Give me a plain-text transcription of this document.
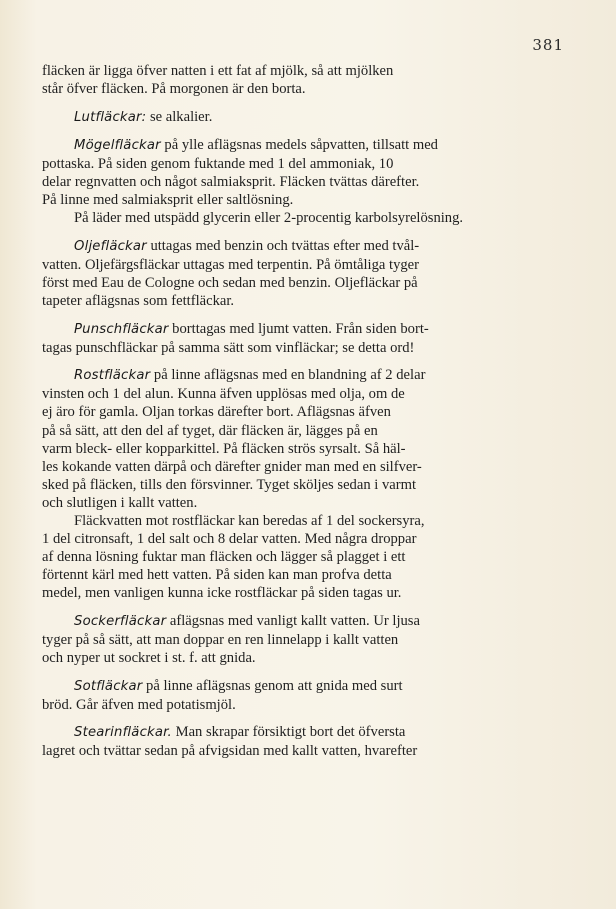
381
fläcken är ligga öfver natten i ett fat af mjölk, så att mjölken
står öfver fläcken. På morgonen är den borta.
Lutfläckar: se alkalier.
Mögelfläckar på ylle aflägsnas medels såpvatten, tillsatt med
pottaska. På siden genom fuktande med 1 del ammoniak, 10
delar regnvatten och något salmiaksprit. Fläcken tvättas därefter.
På linne med salmiaksprit eller saltlösning.
På läder med utspädd glycerin eller 2-procentig karbolsyrelösning.
Oljefläckar uttagas med benzin och tvättas efter med tvål-
vatten. Oljefärgsfläckar uttagas med terpentin. På ömtåliga tyger
först med Eau de Cologne och sedan med benzin. Oljefläckar på
tapeter aflägsnas som fettfläckar.
Punschfläckar borttagas med ljumt vatten. Från siden bort-
tagas punschfläckar på samma sätt som vinfläckar; se detta ord!
Rostfläckar på linne aflägsnas med en blandning af 2 delar
vinsten och 1 del alun. Kunna äfven upplösas med olja, om de
ej äro för gamla. Oljan torkas därefter bort. Aflägsnas äfven
på så sätt, att den del af tyget, där fläcken är, lägges på en
varm bleck- eller kopparkittel. På fläcken strös syrsalt. Så häl-
les kokande vatten därpå och därefter gnider man med en silfver-
sked på fläcken, tills den försvinner. Tyget sköljes sedan i varmt
och slutligen i kallt vatten.
Fläckvatten mot rostfläckar kan beredas af 1 del sockersyra,
1 del citronsaft, 1 del salt och 8 delar vatten. Med några droppar
af denna lösning fuktar man fläcken och lägger så plagget i ett
förtennt kärl med hett vatten. På siden kan man profva detta
medel, men vanligen kunna icke rostfläckar på siden tagas ur.
Sockerfläckar aflägsnas med vanligt kallt vatten. Ur ljusa
tyger på så sätt, att man doppar en ren linnelapp i kallt vatten
och nyper ut sockret i st. f. att gnida.
Sotfläckar på linne aflägsnas genom att gnida med surt
bröd. Går äfven med potatismjöl.
Stearinfläckar. Man skrapar försiktigt bort det öfversta
lagret och tvättar sedan på afvigsidan med kallt vatten, hvarefter
